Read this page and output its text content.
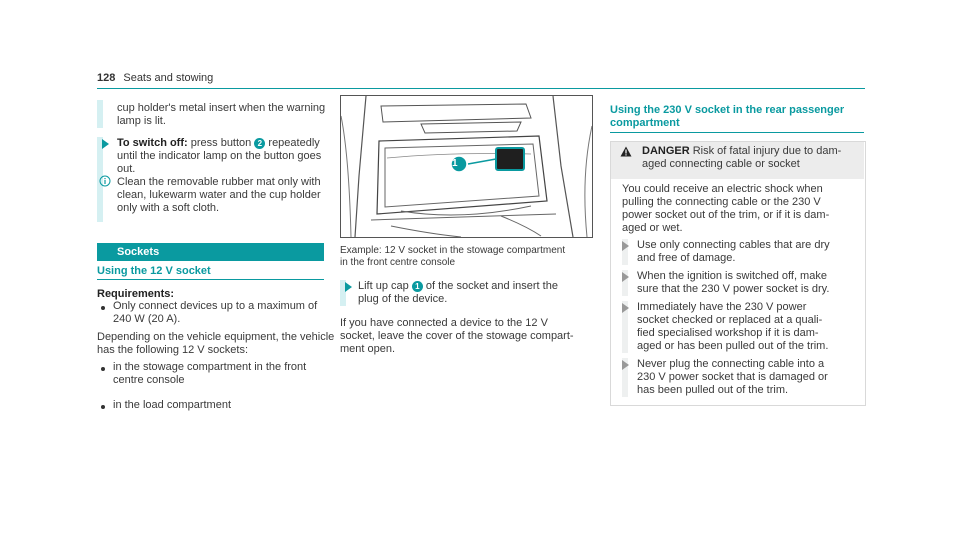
128 Seats and stowing
cup holder's metal insert when the warning
lamp is lit.
To switch off: press button 2 repeatedly
until the indicator lamp on the button goes
out.
Clean the removable rubber mat only with
clean, lukewarm water and the cup holder
only with a soft cloth.
Sockets
Using the 12 V socket
Requirements:
Only connect devices up to a maximum of
240 W (20 A).
Depending on the vehicle equipment, the vehicle
has the following 12 V sockets:
in the stowage compartment in the front
centre console
in the load compartment
1
Example: 12 V socket in the stowage compartment
in the front centre console
Lift up cap 1 of the socket and insert the
plug of the device.
If you have connected a device to the 12 V
socket, leave the cover of the stowage compart-
ment open.
Using the 230 V socket in the rear passenger
compartment
DANGER Risk of fatal injury due to dam-
aged connecting cable or socket
You could receive an electric shock when
pulling the connecting cable or the 230 V
power socket out of the trim, or if it is dam-
aged or wet.
Use only connecting cables that are dry
and free of damage.
When the ignition is switched off, make
sure that the 230 V power socket is dry.
Immediately have the 230 V power
socket checked or replaced at a quali-
fied specialised workshop if it is dam-
aged or has been pulled out of the trim.
Never plug the connecting cable into a
230 V power socket that is damaged or
has been pulled out of the trim.
